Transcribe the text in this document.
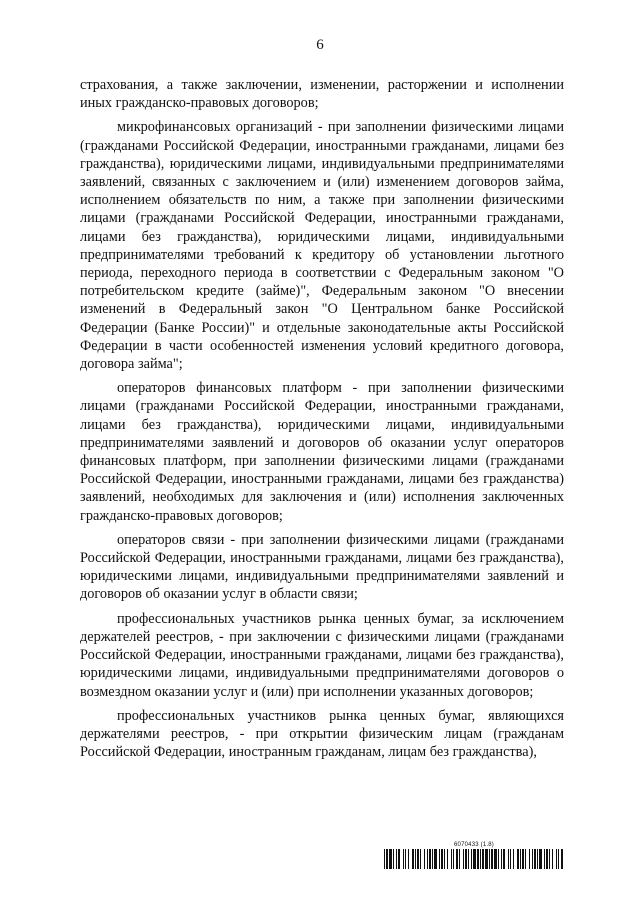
6

страхования, а также заключении, изменении, расторжении и исполнении иных гражданско-правовых договоров;

микрофинансовых организаций - при заполнении физическими лицами (гражданами Российской Федерации, иностранными гражданами, лицами без гражданства), юридическими лицами, индивидуальными предпринимателями заявлений, связанных с заключением и (или) изменением договоров займа, исполнением обязательств по ним, а также при заполнении физическими лицами (гражданами Российской Федерации, иностранными гражданами, лицами без гражданства), юридическими лицами, индивидуальными предпринимателями требований к кредитору об установлении льготного периода, переходного периода в соответствии с Федеральным законом "О потребительском кредите (займе)", Федеральным законом "О внесении изменений в Федеральный закон "О Центральном банке Российской Федерации (Банке России)" и отдельные законодательные акты Российской Федерации в части особенностей изменения условий кредитного договора, договора займа";

операторов финансовых платформ - при заполнении физическими лицами (гражданами Российской Федерации, иностранными гражданами, лицами без гражданства), юридическими лицами, индивидуальными предпринимателями заявлений и договоров об оказании услуг операторов финансовых платформ, при заполнении физическими лицами (гражданами Российской Федерации, иностранными гражданами, лицами без гражданства) заявлений, необходимых для заключения и (или) исполнения заключенных гражданско-правовых договоров;

операторов связи - при заполнении физическими лицами (гражданами Российской Федерации, иностранными гражданами, лицами без гражданства), юридическими лицами, индивидуальными предпринимателями заявлений и договоров об оказании услуг в области связи;

профессиональных участников рынка ценных бумаг, за исключением держателей реестров, - при заключении с физическими лицами (гражданами Российской Федерации, иностранными гражданами, лицами без гражданства), юридическими лицами, индивидуальными предпринимателями договоров о возмездном оказании услуг и (или) при исполнении указанных договоров;

профессиональных участников рынка ценных бумаг, являющихся держателями реестров, - при открытии физическим лицам (гражданам Российской Федерации, иностранным гражданам, лицам без гражданства),

6070433 (1.8)
